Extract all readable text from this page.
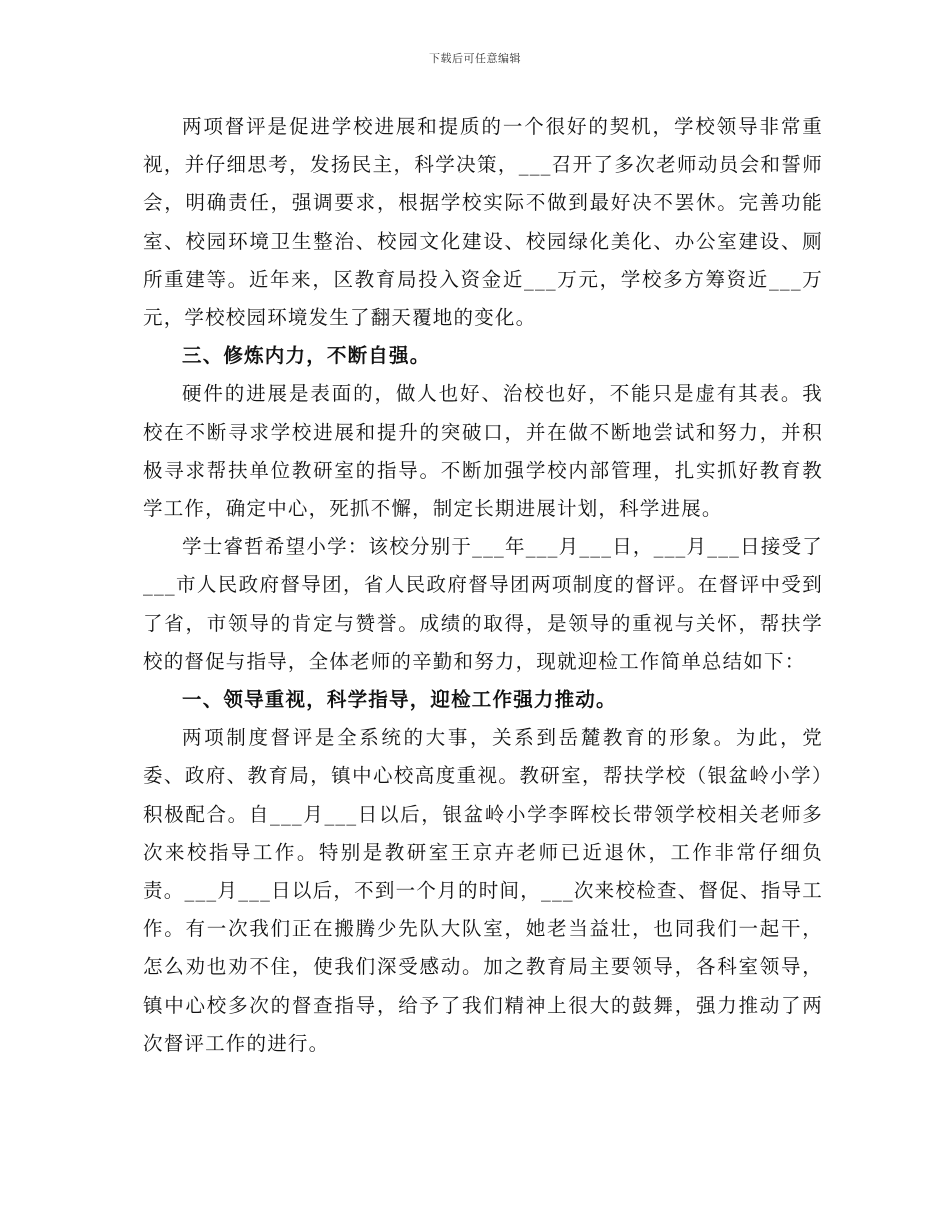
下载后可任意编辑

两项督评是促进学校进展和提质的一个很好的契机，学校领导非常重视，并仔细思考，发扬民主，科学决策，___召开了多次老师动员会和誓师会，明确责任，强调要求，根据学校实际不做到最好决不罢休。完善功能室、校园环境卫生整治、校园文化建设、校园绿化美化、办公室建设、厕所重建等。近年来，区教育局投入资金近___万元，学校多方筹资近___万元，学校校园环境发生了翻天覆地的变化。

三、修炼内力，不断自强。

硬件的进展是表面的，做人也好、治校也好，不能只是虚有其表。我校在不断寻求学校进展和提升的突破口，并在做不断地尝试和努力，并积极寻求帮扶单位教研室的指导。不断加强学校内部管理，扎实抓好教育教学工作，确定中心，死抓不懈，制定长期进展计划，科学进展。

学士睿哲希望小学：该校分别于___年___月___日，___月___日接受了___市人民政府督导团，省人民政府督导团两项制度的督评。在督评中受到了省，市领导的肯定与赞誉。成绩的取得，是领导的重视与关怀，帮扶学校的督促与指导，全体老师的辛勤和努力，现就迎检工作简单总结如下：

一、领导重视，科学指导，迎检工作强力推动。

两项制度督评是全系统的大事，关系到岳麓教育的形象。为此，党委、政府、教育局，镇中心校高度重视。教研室，帮扶学校（银盆岭小学）积极配合。自___月___日以后，银盆岭小学李晖校长带领学校相关老师多次来校指导工作。特别是教研室王京卉老师已近退休，工作非常仔细负责。___月___日以后，不到一个月的时间，___次来校检查、督促、指导工作。有一次我们正在搬腾少先队大队室，她老当益壮，也同我们一起干，怎么劝也劝不住，使我们深受感动。加之教育局主要领导，各科室领导，镇中心校多次的督查指导，给予了我们精神上很大的鼓舞，强力推动了两次督评工作的进行。
